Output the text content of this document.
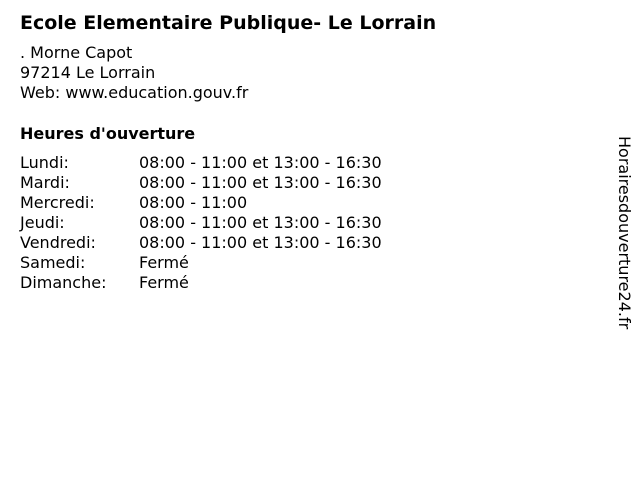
Ecole Elementaire Publique- Le Lorrain
. Morne Capot
97214 Le Lorrain
Web: www.education.gouv.fr
Heures d'ouverture
Lundi:	08:00 - 11:00 et 13:00 - 16:30
Mardi:	08:00 - 11:00 et 13:00 - 16:30
Mercredi:	08:00 - 11:00
Jeudi:	08:00 - 11:00 et 13:00 - 16:30
Vendredi:	08:00 - 11:00 et 13:00 - 16:30
Samedi:	Fermé
Dimanche:	Fermé	Horairesdouverture24.fr
